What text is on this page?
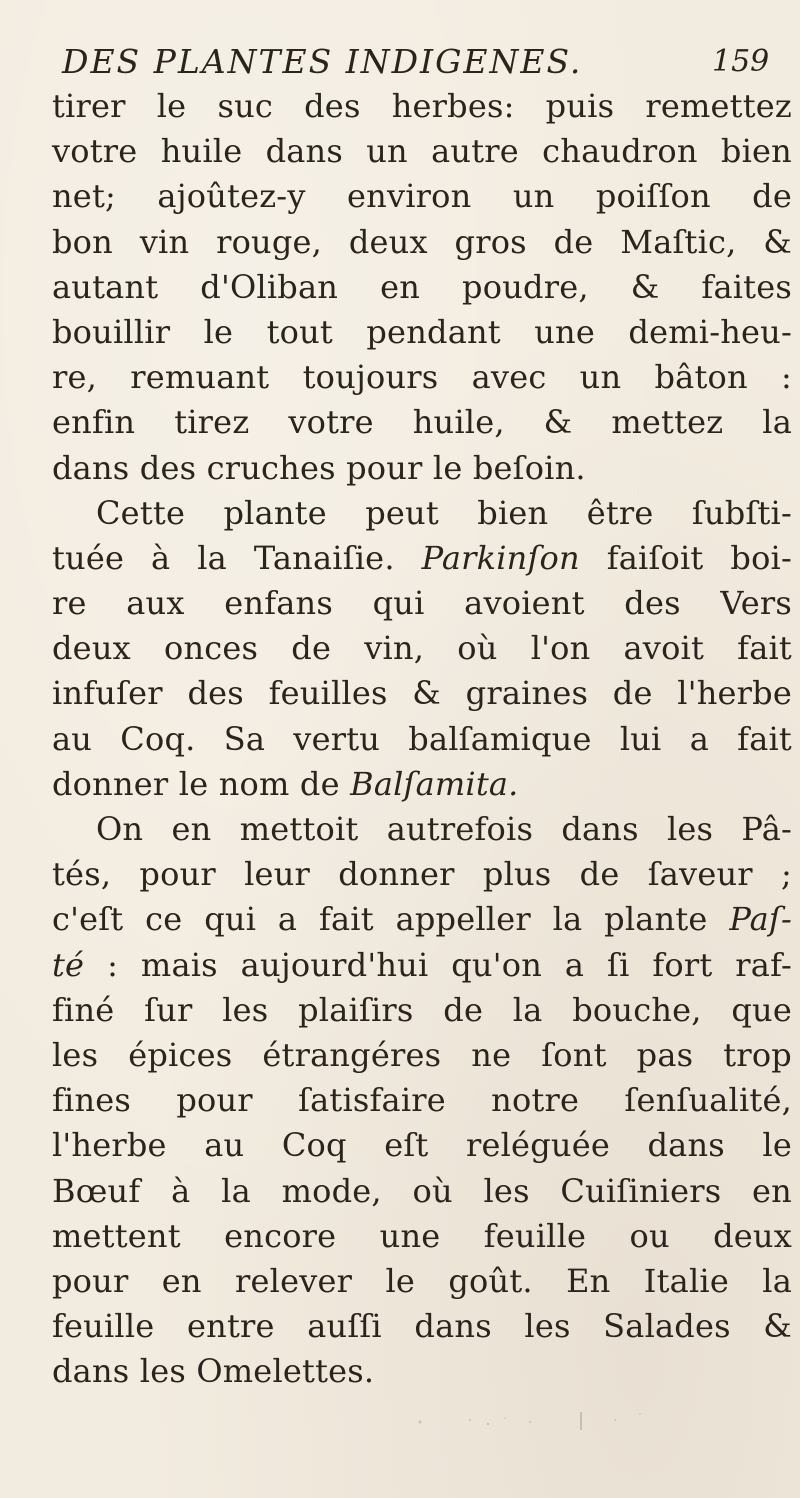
DES PLANTES INDIGENES.	159
tirer le suc des herbes: puis remettez
votre huile dans un autre chaudron bien
net; ajoûtez-y environ un poiſſon de
bon vin rouge, deux gros de Maſtic, &
autant d'Oliban en poudre, & faites
bouillir le tout pendant une demi-heu-
re, remuant toujours avec un bâton :
enfin tirez votre huile, & mettez la
dans des cruches pour le beſoin.
Cette plante peut bien être ſubſti-
tuée à la Tanaiſie. Parkinſon faiſoit boi-
re aux enfans qui avoient des Vers
deux onces de vin, où l'on avoit fait
infuſer des feuilles & graines de l'herbe
au Coq. Sa vertu balſamique lui a fait
donner le nom de Balſamita.
On en mettoit autrefois dans les Pâ-
tés, pour leur donner plus de ſaveur ;
c'eſt ce qui a fait appeller la plante Paſ-
té : mais aujourd'hui qu'on a ſi fort raf-
finé ſur les plaiſirs de la bouche, que
les épices étrangéres ne ſont pas trop
fines pour ſatisfaire notre ſenſualité,
l'herbe au Coq eſt reléguée dans le
Bœuf à la mode, où les Cuiſiniers en
mettent encore une feuille ou deux
pour en relever le goût. En Italie la
feuille entre auſſi dans les Salades &
dans les Omelettes.
